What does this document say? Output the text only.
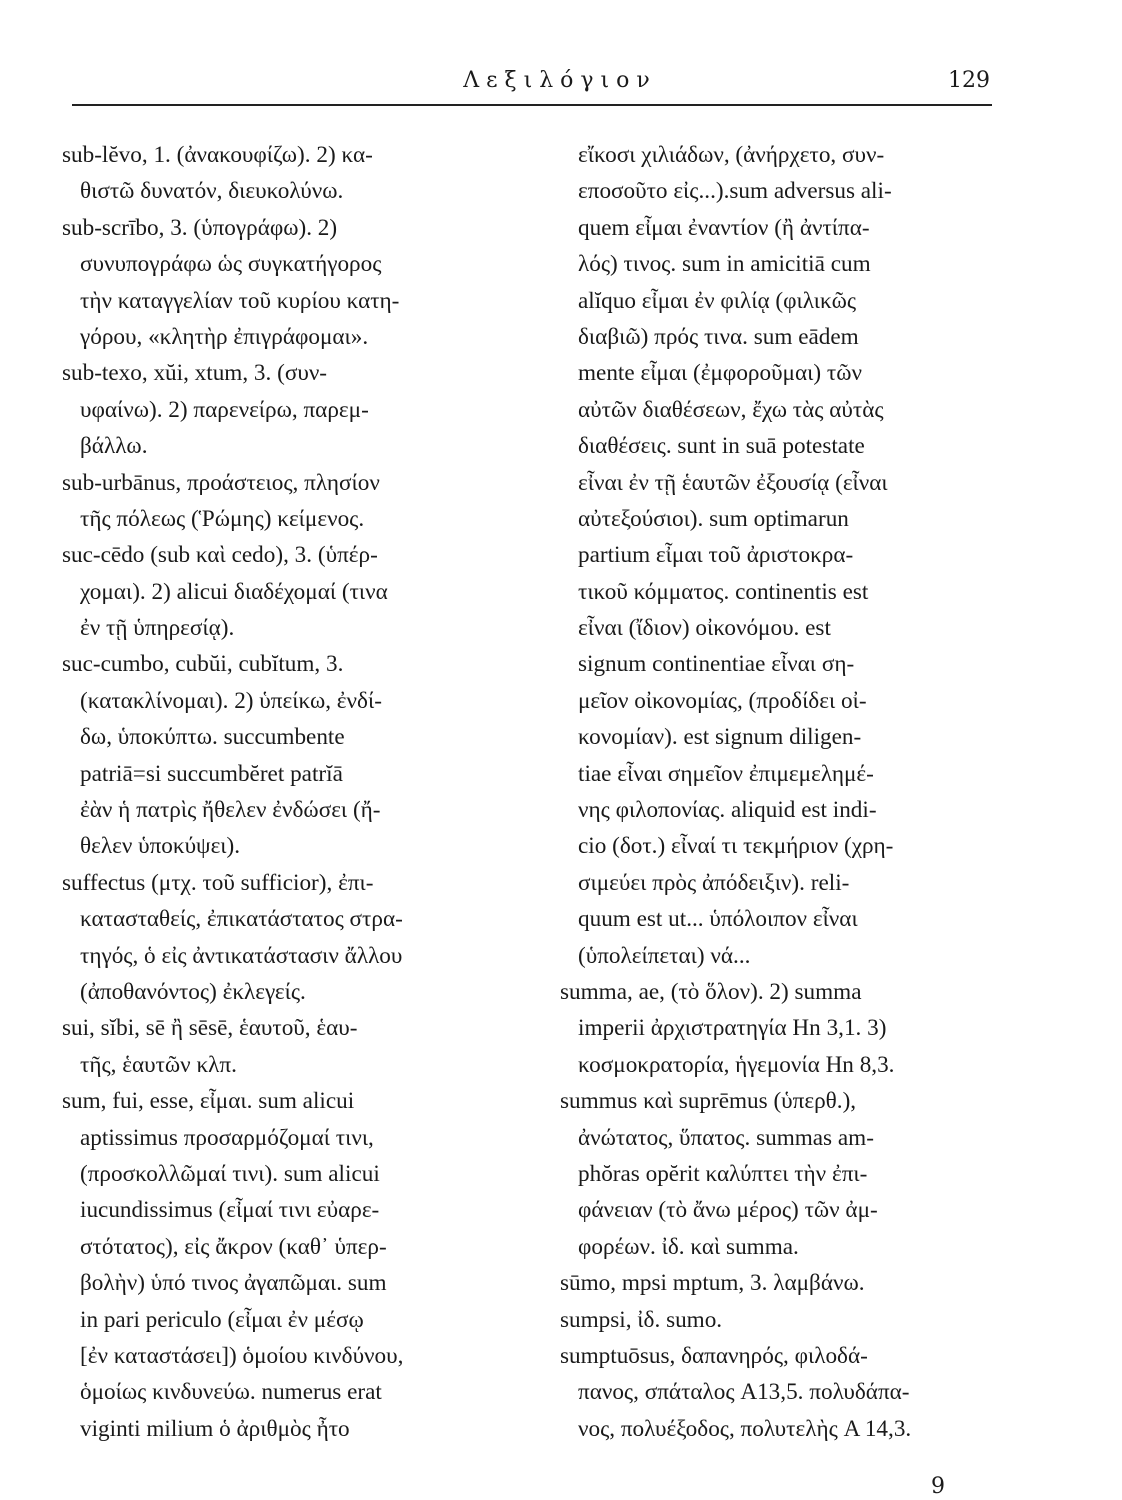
Λεξιλόγιον	129
sub-lĕvo, 1. (ἀνακουφίζω). 2) κα-
θιστῶ δυνατόν, διευκολύνω.
sub-scrībo, 3. (ὑπογράφω). 2)
συνυπογράφω ὡς συγκατήγορος
τὴν καταγγελίαν τοῦ κυρίου κατη-
γόρου, «κλητὴρ ἐπιγράφομαι».
sub-texo, xŭi, xtum, 3. (συν-
υφαίνω). 2) παρενείρω, παρεμ-
βάλλω.
sub-urbānus, προάστειος, πλησίον
τῆς πόλεως (Ῥώμης) κείμενος.
suc-cēdo (sub καὶ cedo), 3. (ὑπέρ-
χομαι). 2) alicui διαδέχομαί (τινα
ἐν τῇ ὑπηρεσίᾳ).
suc-cumbo, cubŭi, cubĭtum, 3.
(κατακλίνομαι). 2) ὑπείκω, ἐνδί-
δω, ὑποκύπτω. succumbente
patriā=si succumbĕret patrĭā
ἐὰν ἡ πατρὶς ἤθελεν ἐνδώσει (ἤ-
θελεν ὑποκύψει).
suffectus (μτχ. τοῦ sufficior), ἐπι-
κατασταθείς, ἐπικατάστατος στρα-
τηγός, ὁ εἰς ἀντικατάστασιν ἄλλου
(ἀποθανόντος) ἐκλεγείς.
sui, sĭbi, sē ἢ sēsē, ἑαυτοῦ, ἑαυ-
τῆς, ἑαυτῶν κλπ.
sum, fui, esse, εἶμαι. sum alicui
aptissimus προσαρμόζομαί τινι,
(προσκολλῶμαί τινι). sum alicui
iucundissimus (εἶμαί τινι εὐαρε-
στότατος), εἰς ἄκρον (καθ᾽ ὑπερ-
βολὴν) ὑπό τινος ἀγαπῶμαι. sum
in pari periculo (εἶμαι ἐν μέσῳ
[ἐν καταστάσει]) ὁμοίου κινδύνου,
ὁμοίως κινδυνεύω. numerus erat
viginti milium ὁ ἀριθμὸς ἦτο
εἴκοσι χιλιάδων, (ἀνήρχετο, συν-
εποσοῦτο εἰς...).sum adversus ali-
quem εἶμαι ἐναντίον (ἢ ἀντίπα-
λός) τινος. sum in amicitiā cum
alĭquo εἶμαι ἐν φιλίᾳ (φιλικῶς
διαβιῶ) πρός τινα. sum eādem
mente εἶμαι (ἐμφοροῦμαι) τῶν
αὐτῶν διαθέσεων, ἔχω τὰς αὐτὰς
διαθέσεις. sunt in suā potestate
εἶναι ἐν τῇ ἑαυτῶν ἐξουσίᾳ (εἶναι
αὐτεξούσιοι). sum optimarun
partium εἶμαι τοῦ ἀριστοκρα-
τικοῦ κόμματος. continentis est
εἶναι (ἴδιον) οἰκονόμου. est
signum continentiae εἶναι ση-
μεῖον οἰκονομίας, (προδίδει οἰ-
κονομίαν). est signum diligen-
tiae εἶναι σημεῖον ἐπιμεμελημέ-
νης φιλοπονίας. aliquid est indi-
cio (δοτ.) εἶναί τι τεκμήριον (χρη-
σιμεύει πρὸς ἀπόδειξιν). reli-
quum est ut... ὑπόλοιπον εἶναι
(ὑπολείπεται) νά...
summa, ae, (τὸ ὅλον). 2) summa
imperii ἀρχιστρατηγία Hn 3,1. 3)
κοσμοκρατορία, ἡγεμονία Hn 8,3.
summus καὶ suprēmus (ὑπερθ.),
ἀνώτατος, ὕπατος. summas am-
phŏras opĕrit καλύπτει τὴν ἐπι-
φάνειαν (τὸ ἄνω μέρος) τῶν ἀμ-
φορέων. ἰδ. καὶ summa.
sūmo, mpsi mptum, 3. λαμβάνω.
sumpsi, ἰδ. sumo.
sumptuōsus, δαπανηρός, φιλοδά-
πανος, σπάταλος A13,5. πολυδάπα-
νος, πολυέξοδος, πολυτελὴς A 14,3.
9
